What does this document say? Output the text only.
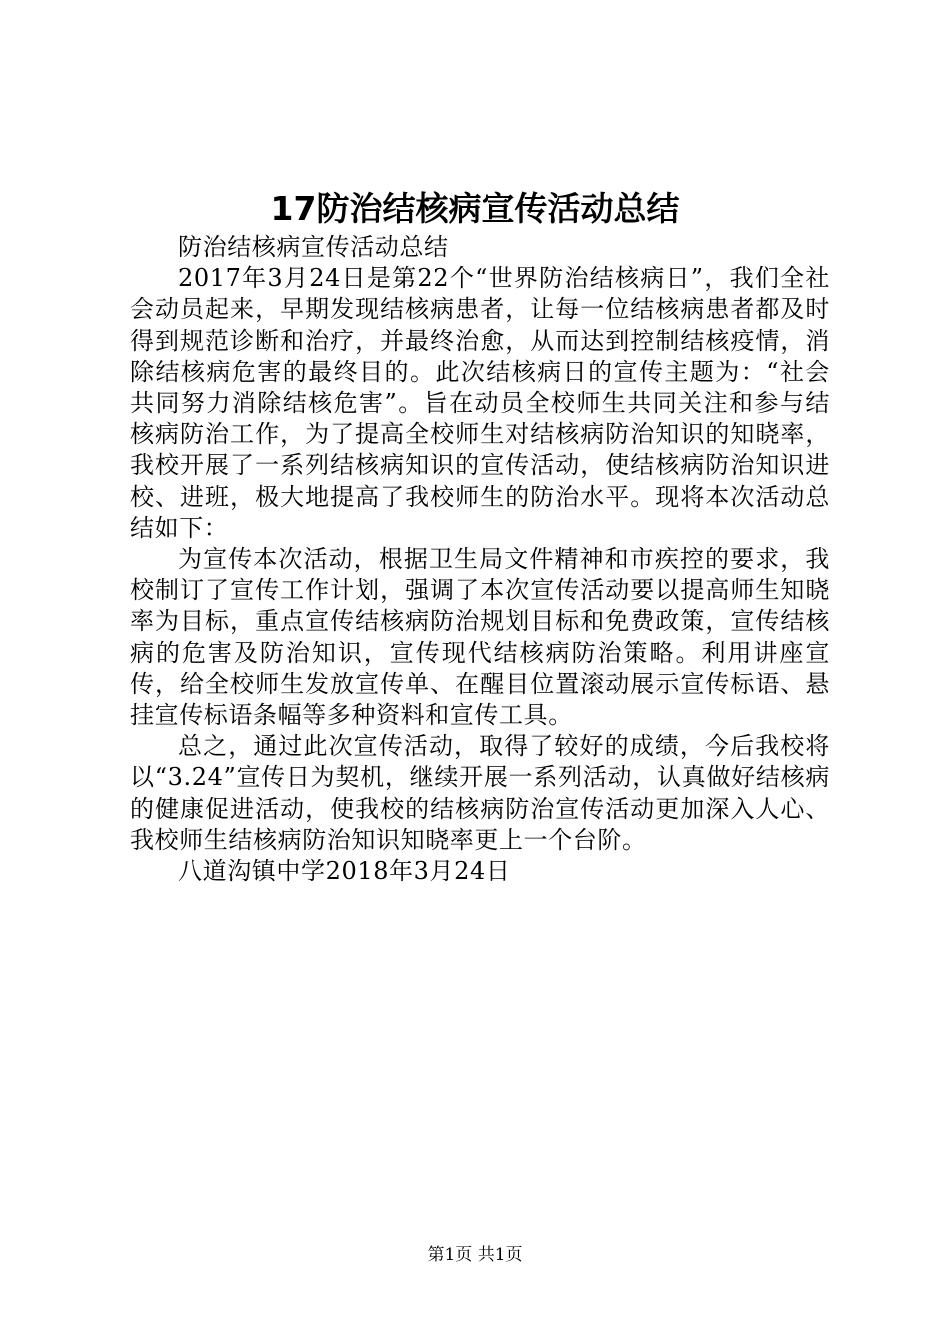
17防治结核病宣传活动总结

防治结核病宣传活动总结

2017年3月24日是第22个“世界防治结核病日”，我们全社会动员起来，早期发现结核病患者，让每一位结核病患者都及时得到规范诊断和治疗，并最终治愈，从而达到控制结核疫情，消除结核病危害的最终目的。此次结核病日的宣传主题为：“社会共同努力消除结核危害”。旨在动员全校师生共同关注和参与结核病防治工作，为了提高全校师生对结核病防治知识的知晓率，我校开展了一系列结核病知识的宣传活动，使结核病防治知识进校、进班，极大地提高了我校师生的防治水平。现将本次活动总结如下：

为宣传本次活动，根据卫生局文件精神和市疾控的要求，我校制订了宣传工作计划，强调了本次宣传活动要以提高师生知晓率为目标，重点宣传结核病防治规划目标和免费政策，宣传结核病的危害及防治知识，宣传现代结核病防治策略。利用讲座宣传，给全校师生发放宣传单、在醒目位置滚动展示宣传标语、悬挂宣传标语条幅等多种资料和宣传工具。

总之，通过此次宣传活动，取得了较好的成绩，今后我校将以“3.24”宣传日为契机，继续开展一系列活动，认真做好结核病的健康促进活动，使我校的结核病防治宣传活动更加深入人心、我校师生结核病防治知识知晓率更上一个台阶。

八道沟镇中学2018年3月24日

第1页 共1页
